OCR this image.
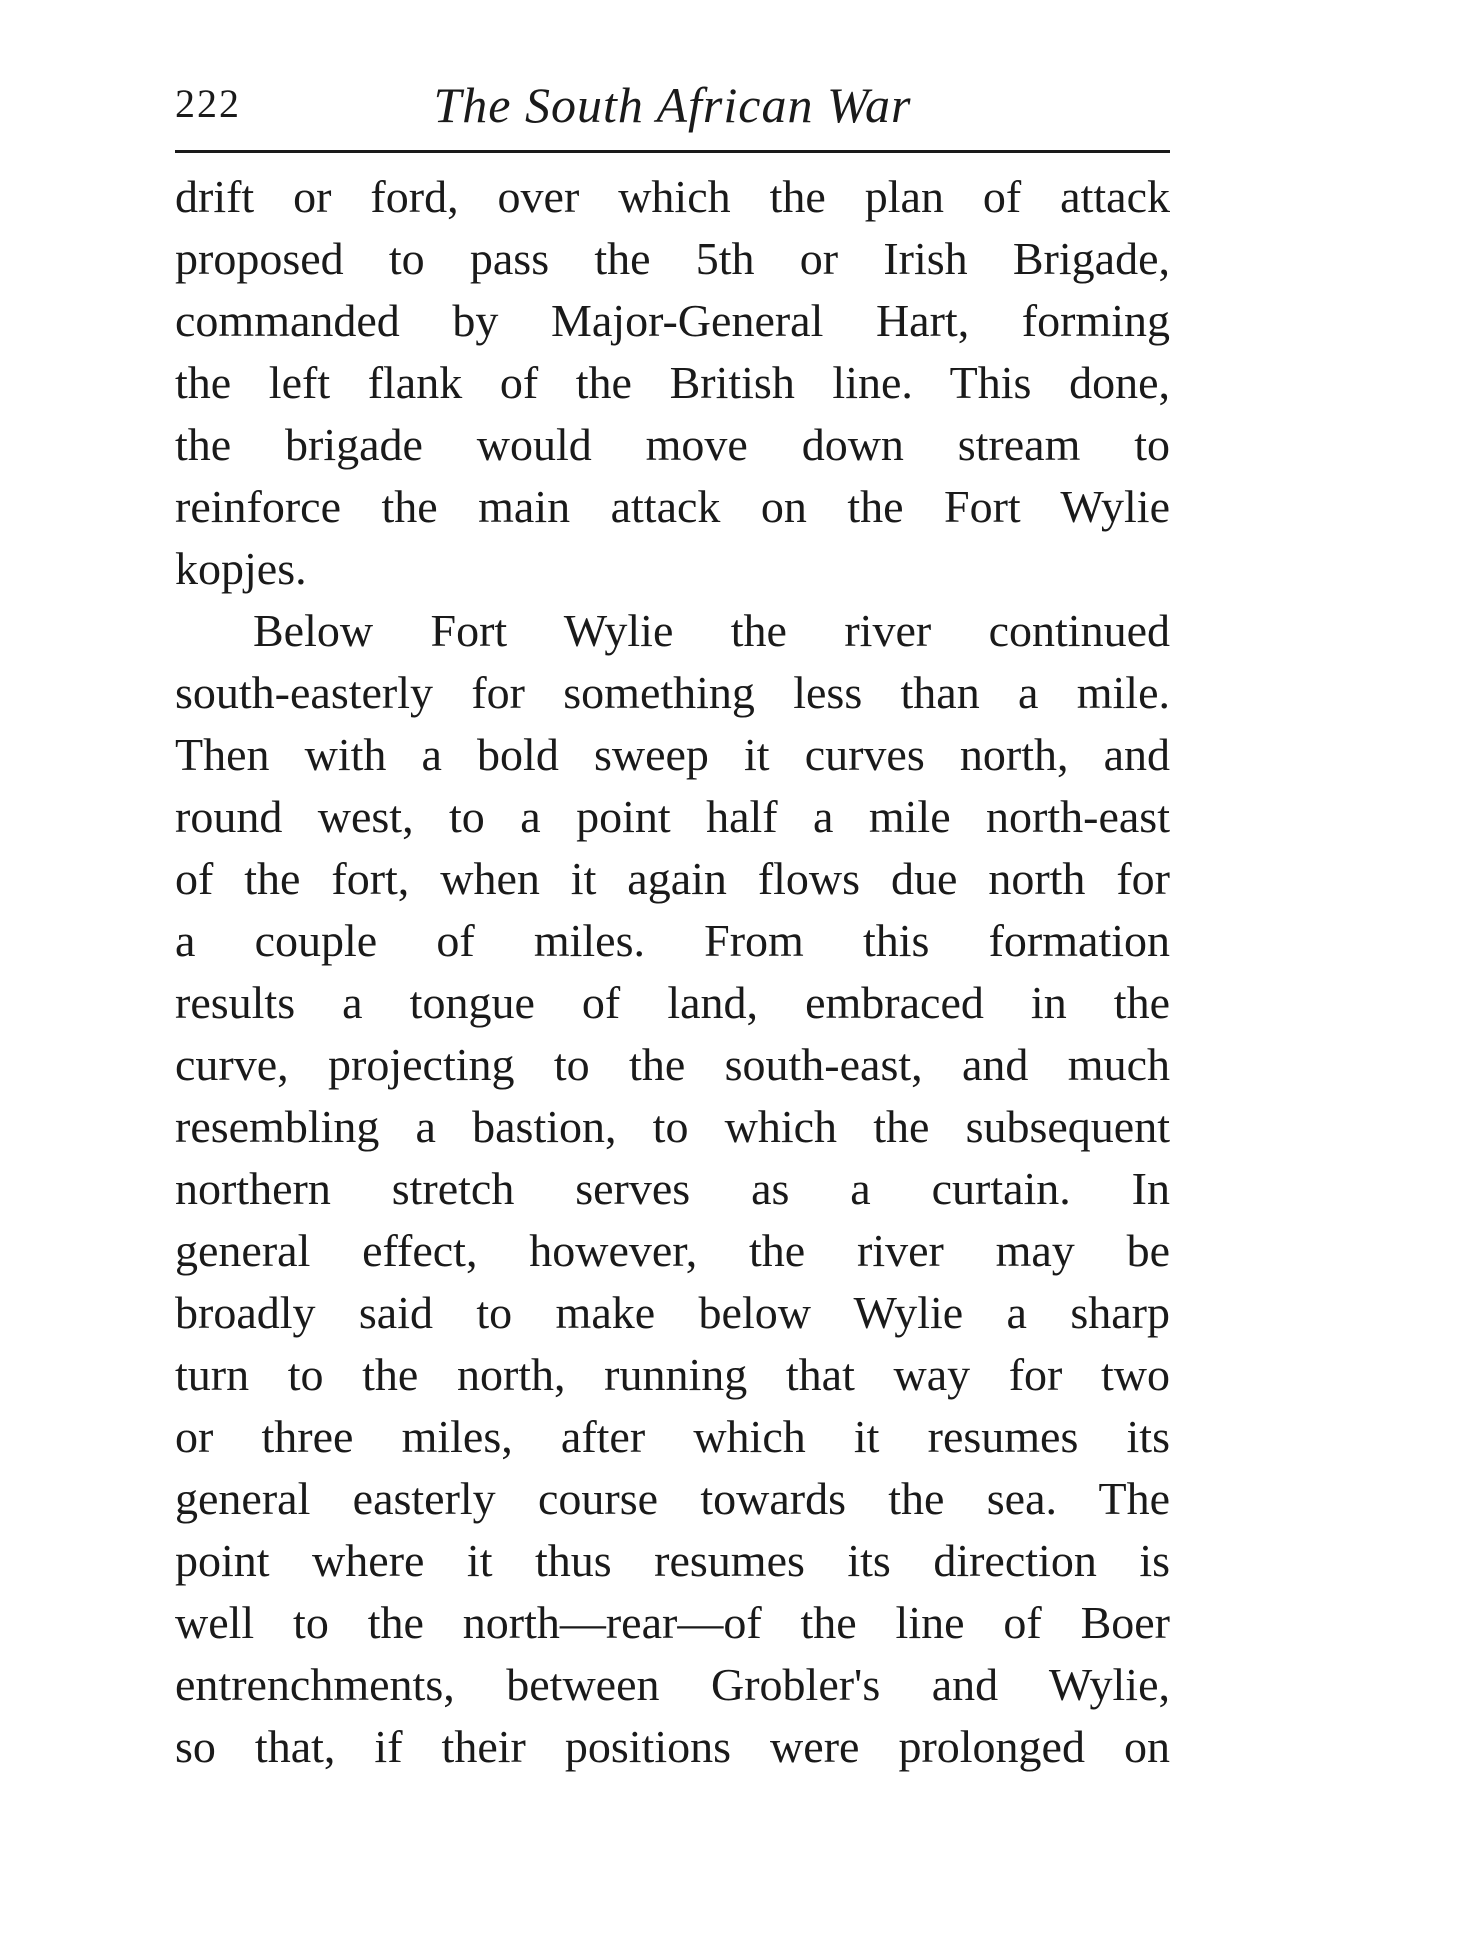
222	The South African War
drift or ford, over which the plan of attack
proposed to pass the 5th or Irish Brigade,
commanded by Major-General Hart, forming
the left flank of the British line. This done,
the brigade would move down stream to
reinforce the main attack on the Fort Wylie
kopjes.
Below Fort Wylie the river continued
south-easterly for something less than a mile.
Then with a bold sweep it curves north, and
round west, to a point half a mile north-east
of the fort, when it again flows due north for
a couple of miles. From this formation
results a tongue of land, embraced in the
curve, projecting to the south-east, and much
resembling a bastion, to which the subsequent
northern stretch serves as a curtain. In
general effect, however, the river may be
broadly said to make below Wylie a sharp
turn to the north, running that way for two
or three miles, after which it resumes its
general easterly course towards the sea. The
point where it thus resumes its direction is
well to the north—rear—of the line of Boer
entrenchments, between Grobler's and Wylie,
so that, if their positions were prolonged on
